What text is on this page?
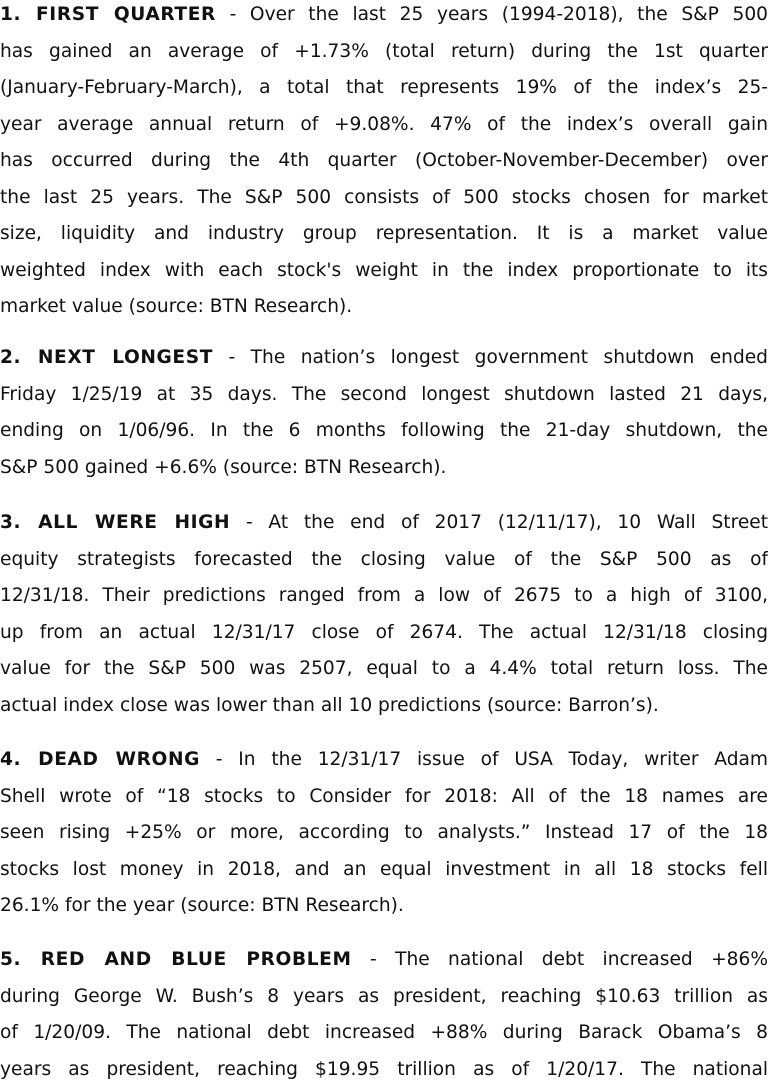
1. FIRST QUARTER - Over the last 25 years (1994-2018), the S&P 500
has gained an average of +1.73% (total return) during the 1st quarter
(January-February-March), a total that represents 19% of the index’s 25-
year average annual return of +9.08%. 47% of the index’s overall gain
has occurred during the 4th quarter (October-November-December) over
the last 25 years. The S&P 500 consists of 500 stocks chosen for market
size, liquidity and industry group representation. It is a market value
weighted index with each stock's weight in the index proportionate to its
market value (source: BTN Research).
2. NEXT LONGEST - The nation’s longest government shutdown ended
Friday 1/25/19 at 35 days. The second longest shutdown lasted 21 days,
ending on 1/06/96. In the 6 months following the 21-day shutdown, the
S&P 500 gained +6.6% (source: BTN Research).
3. ALL WERE HIGH - At the end of 2017 (12/11/17), 10 Wall Street
equity strategists forecasted the closing value of the S&P 500 as of
12/31/18. Their predictions ranged from a low of 2675 to a high of 3100,
up from an actual 12/31/17 close of 2674. The actual 12/31/18 closing
value for the S&P 500 was 2507, equal to a 4.4% total return loss. The
actual index close was lower than all 10 predictions (source: Barron’s).
4. DEAD WRONG - In the 12/31/17 issue of USA Today, writer Adam
Shell wrote of “18 stocks to Consider for 2018: All of the 18 names are
seen rising +25% or more, according to analysts.” Instead 17 of the 18
stocks lost money in 2018, and an equal investment in all 18 stocks fell
26.1% for the year (source: BTN Research).
5. RED AND BLUE PROBLEM - The national debt increased +86%
during George W. Bush’s 8 years as president, reaching $10.63 trillion as
of 1/20/09. The national debt increased +88% during Barack Obama’s 8
years as president, reaching $19.95 trillion as of 1/20/17. The national
